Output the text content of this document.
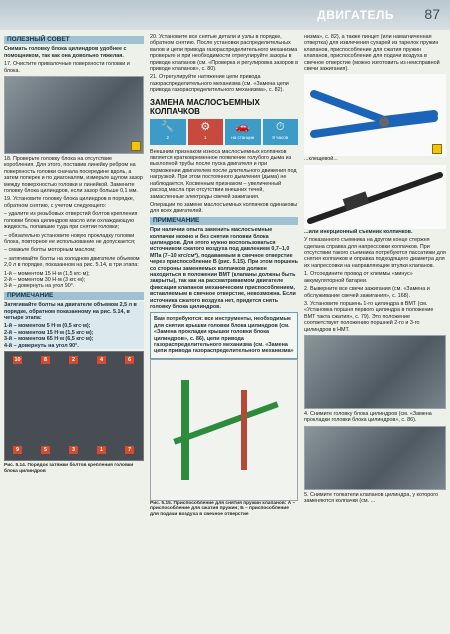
ДВИГАТЕЛЬ 87
ПОЛЕЗНЫЙ СОВЕТ
Снимать головку блока цилиндров удобнее с помощником, так как она довольно тяжелая.
17. Очистите привалочные поверхности головки и блока.
18. Проверьте головку блока на отсутствие коробления. Для этого, поставив линейку ребром на поверхность головки сначала посередине вдоль, а затем поперек и по диагоналям, измерьте щупом зазор между поверхностью головки и линейкой. Замените головку блока цилиндров, если зазор больше 0,1 мм.
19. Установите головку блока цилиндров в порядке, обратном снятию, с учетом следующего:
– удалите из резьбовых отверстий болтов крепления головки блока цилиндров масло или охлаждающую жидкость, попавшие туда при снятии головки;
– обязательно установите новую прокладку головки блока, повторное ее использование не допускается;
– смажьте болты моторным маслом;
– затягивайте болты на холодном двигателе объемом 2,0 л в порядке, показанном на рис. 5.14, в три этапа:
1-й – моментом 15 Н·м (1,5 кгс·м);
2-й – моментом 30 Н·м (3 кгс·м);
3-й – довернуть на угол 90°.
ПРИМЕЧАНИЕ
Затягивайте болты на двигателе объемом 2,5 л в порядке, обратном показанному на рис. 5.14, в четыре этапа:
1-й – моментом 5 Н·м (0,5 кгс·м);
2-й – моментом 15 Н·м (1,5 кгс·м);
3-й – моментом 65 Н·м (6,5 кгс·м);
4-й – довернуть на угол 90°.
10	8	2	4	6
9	5	3	1	7
Рис. 5.14. Порядок затяжки болтов крепления головки блока цилиндров
20. Установите все снятые детали и узлы в порядке, обратном снятию. После установки распределительных валов и цепи привода газораспределительного механизма проверьте и при необходимости отрегулируйте зазоры в приводе клапанов (см. «Проверка и регулировка зазоров в приводе клапанов», с. 80).
21. Отрегулируйте натяжение цепи привода газораспределительного механизма (см. «Замена цепи привода газораспределительного механизма», с. 82).
ЗАМЕНА МАСЛОСЪЕМНЫХ КОЛПАЧКОВ
🔧
2
⚙
1
🚗
на станции
⏱
8 часов
Внешним признаком износа маслосъемных колпачков является кратковременное появление голубого дыма из выхлопной трубы после пуска двигателя и при торможении двигателем после длительного движения под нагрузкой. При этом постоянного дымления (дыма) не наблюдается. Косвенным признаком – увеличенный расход масла при отсутствии внешних течей, замасленные электроды свечей зажигания.
Операции по замене маслосъемных колпачков одинаковы для всех двигателей.
ПРИМЕЧАНИЕ
При наличии опыта заменить маслосъемные колпачки можно и без снятия головки блока цилиндров. Для этого нужно воспользоваться источником сжатого воздуха под давлением 0,7–1,0 МПа (7–10 кгс/см²), подаваемым в свечное отверстие через приспособление В (рис. 5.15). При этом поршень со стороны заменяемых колпачков должен находиться в положении ВМТ (клапаны должны быть закрыты), так как на рассматриваемом двигателе фиксация клапанов механическим приспособлением, вставляемым в свечное отверстие, невозможна. Если источника сжатого воздуха нет, придется снять головку блока цилиндров.
Вам потребуются: все инструменты, необходимые для снятия крышки головки блока цилиндров (см. «Замена прокладки крышки головки блока цилиндров», с. 86), цепи привода газораспределительного механизма (см. «Замена цепи привода газораспределительного механизма»
Рис. 5.15. Приспособление для снятия пружин клапанов: А – приспособление для сжатия пружин; Б – приспособление для подачи воздуха в свечное отверстие
низма», с. 82), а также пинцет (или намагниченная отвертка) для извлечения сухарей из тарелок пружин клапанов, приспособление для сжатия пружин клапанов, приспособление для подачи воздуха в свечное отверстие (можно изготовить из неисправной свечи зажигания).
...клещевой...
...или инерционный съемник колпачков.
У показанного съемника на другом конце стержня сделана справка для напрессовки колпачков. При отсутствии такого съемника потребуются пассатижи для снятия колпачков и оправка подходящего диаметра для их напрессовки на направляющие втулки клапанов.
1. Отсоедините провод от клеммы «минус» аккумуляторной батареи.
2. Выверните все свечи зажигания (см. «Замена и обслуживание свечей зажигания», с. 168).
3. Установите поршень 1-го цилиндра в ВМТ (см. «Установка поршня первого цилиндра в положение ВМТ такта сжатия», с. 79). Это положение соответствует положению поршней 2-го и 3-го цилиндров в НМТ.
4. Снимите головку блока цилиндров (см. «Замена прокладки головки блока цилиндров», с. 86).
5. Снимите толкатели клапанов цилиндра, у которого заменяются колпачки (см. ...
